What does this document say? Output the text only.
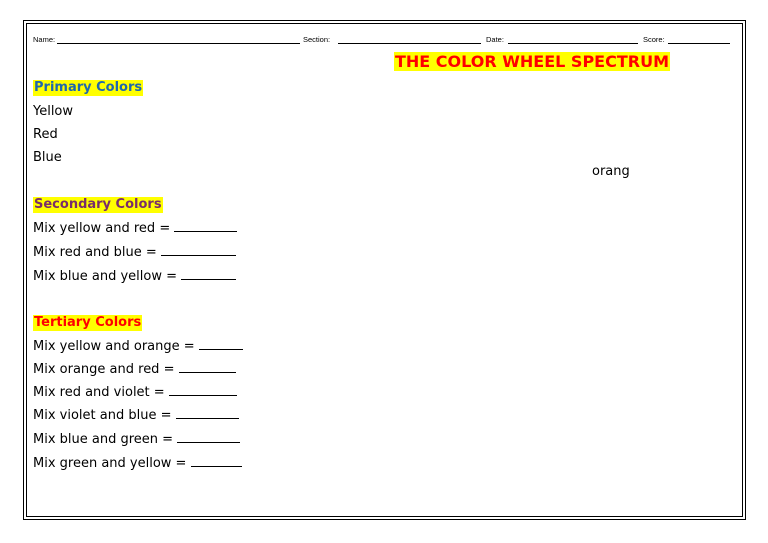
Name:	Section:	Date:	Score:
THE COLOR WHEEL SPECTRUM
Primary Colors
Yellow
Red
Blue
orang
Secondary Colors
Mix yellow and red =
Mix red and blue =
Mix blue and yellow =
Tertiary Colors
Mix yellow and orange =
Mix orange and red =
Mix red and violet =
Mix violet and blue =
Mix blue and green =
Mix green and yellow =
